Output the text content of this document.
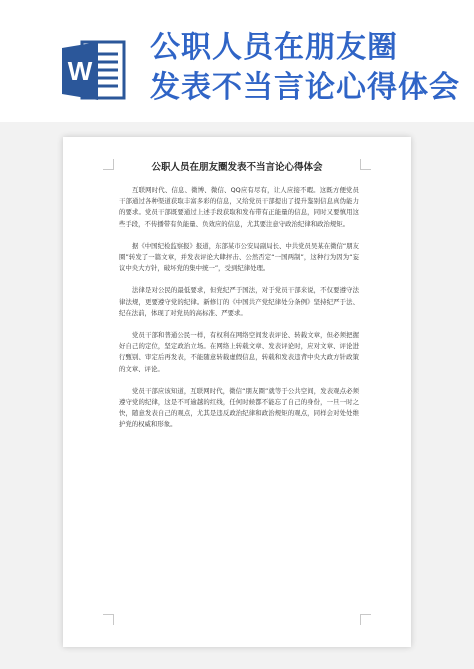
W
公职人员在朋友圈
发表不当言论心得体会
公职人员在朋友圈发表不当言论心得体会

互联网时代、信息、微博、微信、QQ应有尽有，让人应接不暇。这既方便党员干部通过各种渠道获取丰富多彩的信息，又给党员干部提出了提升鉴别信息真伪能力的要求。党员干部既要通过上述手段获取和发布带有正能量的信息，同时又要慎用这些手段，不传播带有负能量、负效应的信息，尤其要注意守政治纪律和政治规矩。

据《中国纪检监察报》报道，东部某市公安局副局长、中共党员吴某在微信“朋友圈”转发了一篇文章，并发表评论大肆抨击、公然否定“一国两制”，这种行为因为“妄议中央大方针，破坏党的集中统一”，受到纪律处理。

法律是对公民的最低要求，但党纪严于国法，对于党员干部来说，不仅要遵守法律法规，更要遵守党的纪律。新修订的《中国共产党纪律处分条例》坚持纪严于法、纪在法前，体现了对党员的高标准、严要求。

党员干部和普通公民一样，有权利在网络空间发表评论、转载文章，但必须把握好自己的定位，坚定政治立场。在网络上转载文章、发表评论时，应对文章、评论进行甄别、审定后再发表，不能随意转载虚假信息，转载和发表违背中央大政方针政策的文章、评论。

党员干部应该知道，互联网时代，微信“朋友圈”就等于公共空间，发表观点必须遵守党的纪律，这是不可逾越的红线，任何时候都不能忘了自己的身份，一旦一时之快，随意发表自己的观点，尤其是违反政治纪律和政治规矩的观点，同样会对处处维护党的权威和形象。
